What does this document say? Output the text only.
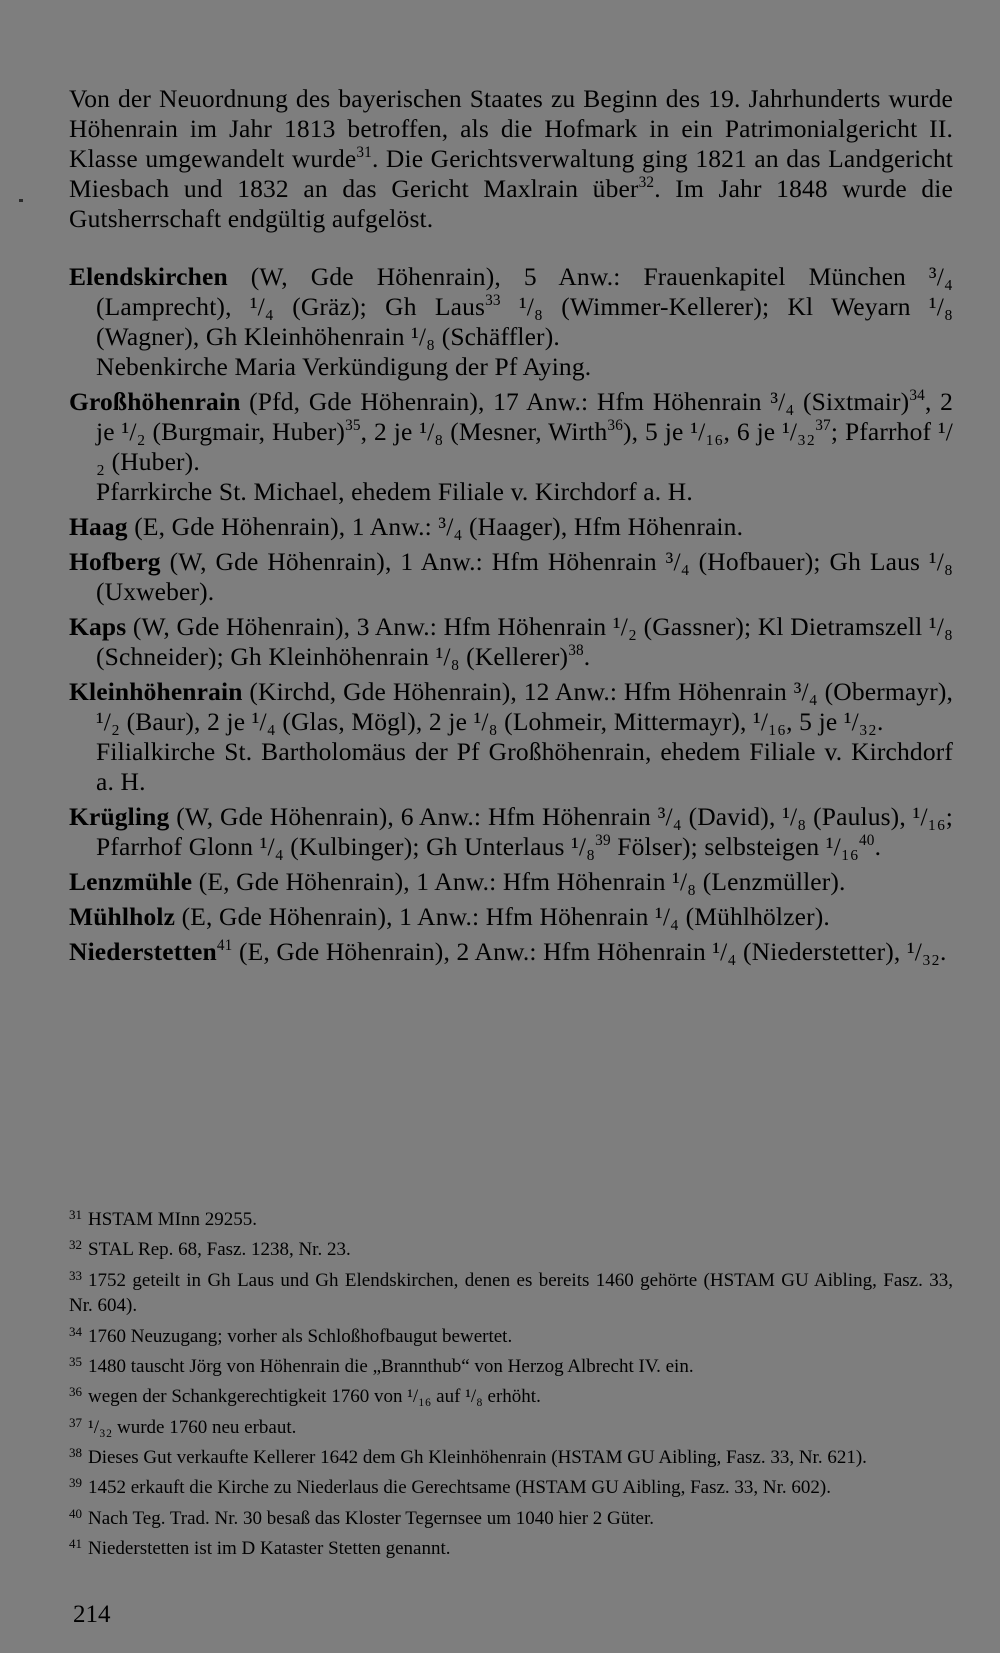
Von der Neuordnung des bayerischen Staates zu Beginn des 19. Jahrhunderts wurde Höhenrain im Jahr 1813 betroffen, als die Hofmark in ein Patrimonialgericht II. Klasse umgewandelt wurde$^{31}$. Die Gerichtsverwaltung ging 1821 an das Landgericht Miesbach und 1832 an das Gericht Maxlrain über$^{32}$. Im Jahr 1848 wurde die Gutsherrschaft endgültig aufgelöst.

Elendskirchen (W, Gde Höhenrain), 5 Anw.: Frauenkapitel München ³/₄ (Lamprecht), ¹/₄ (Gräz); Gh Laus$^{33}$ ¹/₈ (Wimmer-Kellerer); Kl Weyarn ¹/₈ (Wagner), Gh Kleinhöhenrain ¹/₈ (Schäffler).
Nebenkirche Maria Verkündigung der Pf Aying.

Großhöhenrain (Pfd, Gde Höhenrain), 17 Anw.: Hfm Höhenrain ³/₄ (Sixtmair)$^{34}$, 2 je ¹/₂ (Burgmair, Huber)$^{35}$, 2 je ¹/₈ (Mesner, Wirth$^{36}$), 5 je ¹/₁₆, 6 je ¹/₃₂$^{37}$; Pfarrhof ¹/₂ (Huber).
Pfarrkirche St. Michael, ehedem Filiale v. Kirchdorf a. H.

Haag (E, Gde Höhenrain), 1 Anw.: ³/₄ (Haager), Hfm Höhenrain.

Hofberg (W, Gde Höhenrain), 1 Anw.: Hfm Höhenrain ³/₄ (Hofbauer); Gh Laus ¹/₈ (Uxweber).

Kaps (W, Gde Höhenrain), 3 Anw.: Hfm Höhenrain ¹/₂ (Gassner); Kl Dietramszell ¹/₈ (Schneider); Gh Kleinhöhenrain ¹/₈ (Kellerer)$^{38}$.

Kleinhöhenrain (Kirchd, Gde Höhenrain), 12 Anw.: Hfm Höhenrain ³/₄ (Obermayr), ¹/₂ (Baur), 2 je ¹/₄ (Glas, Mögl), 2 je ¹/₈ (Lohmeir, Mittermayr), ¹/₁₆, 5 je ¹/₃₂.
Filialkirche St. Bartholomäus der Pf Großhöhenrain, ehedem Filiale v. Kirchdorf a. H.

Krügling (W, Gde Höhenrain), 6 Anw.: Hfm Höhenrain ³/₄ (David), ¹/₈ (Paulus), ¹/₁₆; Pfarrhof Glonn ¹/₄ (Kulbinger); Gh Unterlaus ¹/₈$^{39}$ Fölser); selbsteigen ¹/₁₆$^{40}$.

Lenzmühle (E, Gde Höhenrain), 1 Anw.: Hfm Höhenrain ¹/₈ (Lenzmüller).

Mühlholz (E, Gde Höhenrain), 1 Anw.: Hfm Höhenrain ¹/₄ (Mühlhölzer).

Niederstetten$^{41}$ (E, Gde Höhenrain), 2 Anw.: Hfm Höhenrain ¹/₄ (Niederstetter), ¹/₃₂.

$^{31}$ HSTAM MInn 29255.

$^{32}$ STAL Rep. 68, Fasz. 1238, Nr. 23.

$^{33}$ 1752 geteilt in Gh Laus und Gh Elendskirchen, denen es bereits 1460 gehörte (HSTAM GU Aibling, Fasz. 33, Nr. 604).

$^{34}$ 1760 Neuzugang; vorher als Schloßhofbaugut bewertet.

$^{35}$ 1480 tauscht Jörg von Höhenrain die „Brannthub“ von Herzog Albrecht IV. ein.

$^{36}$ wegen der Schankgerechtigkeit 1760 von ¹/₁₆ auf ¹/₈ erhöht.

$^{37}$ ¹/₃₂ wurde 1760 neu erbaut.

$^{38}$ Dieses Gut verkaufte Kellerer 1642 dem Gh Kleinhöhenrain (HSTAM GU Aibling, Fasz. 33, Nr. 621).

$^{39}$ 1452 erkauft die Kirche zu Niederlaus die Gerechtsame (HSTAM GU Aibling, Fasz. 33, Nr. 602).

$^{40}$ Nach Teg. Trad. Nr. 30 besaß das Kloster Tegernsee um 1040 hier 2 Güter.

$^{41}$ Niederstetten ist im D Kataster Stetten genannt.

214
